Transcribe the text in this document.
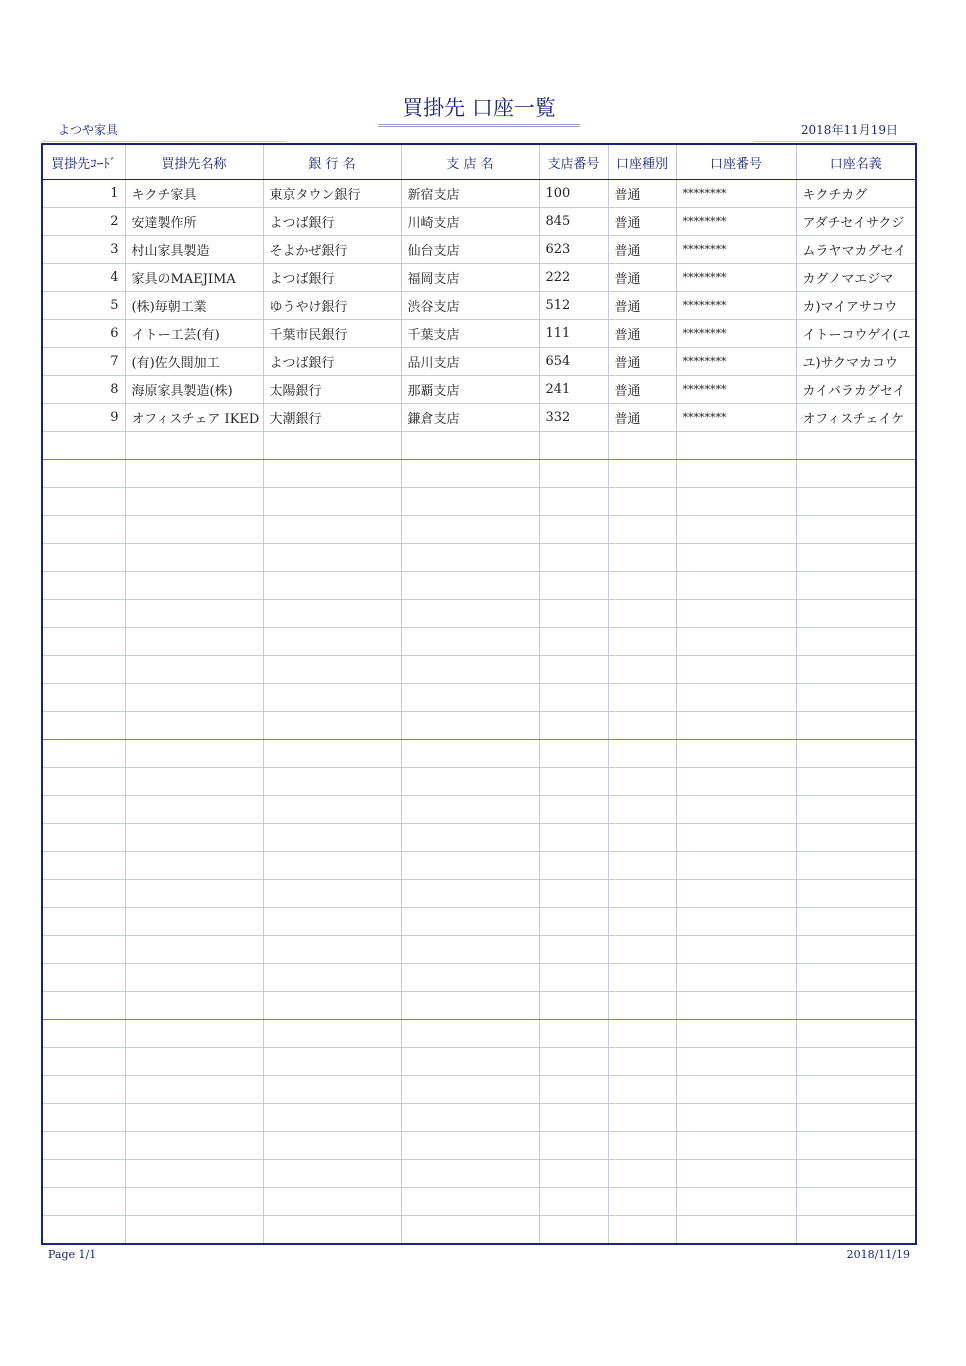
買掛先 口座一覧
よつや家具	2018年11月19日
買掛先ｺｰﾄﾞ	買掛先名称	銀 行 名	支 店 名	支店番号	口座種別	口座番号	口座名義
1	キクチ家具	東京タウン銀行	新宿支店	100	普通	********	キクチカグ
2	安達製作所	よつば銀行	川崎支店	845	普通	********	アダチセイサクジ
3	村山家具製造	そよかぜ銀行	仙台支店	623	普通	********	ムラヤマカグセイ
4	家具のMAEJIMA	よつば銀行	福岡支店	222	普通	********	カグノマエジマ
5	(株)毎朝工業	ゆうやけ銀行	渋谷支店	512	普通	********	カ)マイアサコウ
6	イトー工芸(有)	千葉市民銀行	千葉支店	111	普通	********	イトーコウゲイ(ユ
7	(有)佐久間加工	よつば銀行	品川支店	654	普通	********	ユ)サクマカコウ
8	海原家具製造(株)	太陽銀行	那覇支店	241	普通	********	カイバラカグセイ
9	オフィスチェア IKED	大潮銀行	鎌倉支店	332	普通	********	オフィスチェイケ

Page 1/1	2018/11/19
